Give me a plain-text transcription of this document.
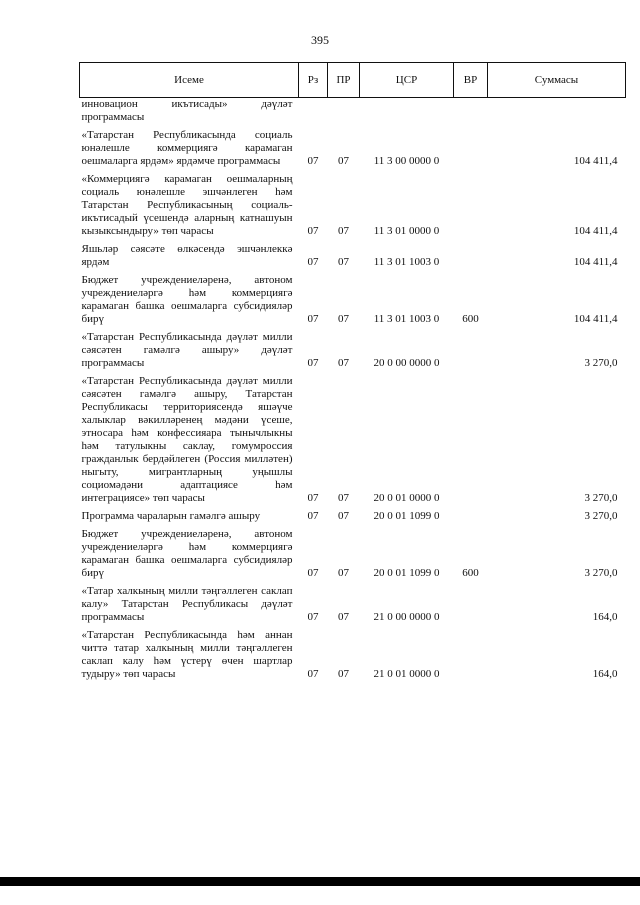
395
Исеме	Рз	ПР	ЦСР	ВР	Суммасы
инновацион икътисады» дәүләт программасы					
«Татарстан Республикасында социаль юнәлешле коммерциягә карамаган оешмаларга ярдәм» ярдәмче программасы	07	07	11 3 00 0000 0		104 411,4
«Коммерциягә карамаган оешмаларның социаль юнәлешле эшчәнлеген һәм Татарстан Республикасының социаль-икътисадый үсешендә аларның катнашуын кызыксындыру» төп чарасы	07	07	11 3 01 0000 0		104 411,4
Яшьләр сәясәте өлкәсендә эшчәнлеккә ярдәм	07	07	11 3 01 1003 0		104 411,4
Бюджет учреждениеләренә, автоном учреждениеләргә һәм коммерциягә карамаган башка оешмаларга субсидияләр бирү	07	07	11 3 01 1003 0	600	104 411,4
«Татарстан Республикасында дәүләт милли сәясәтен гамәлгә ашыру» дәүләт программасы	07	07	20 0 00 0000 0		3 270,0
«Татарстан Республикасында дәүләт милли сәясәтен гамәлгә ашыру, Татарстан Республикасы территориясендә яшәүче халыклар вәкилләренең мәдәни үсеше, этносара һәм конфессияара тынычлыкны һәм татулыкны саклау, гомумроссия гражданлык бердәйлеген (Россия милләтен) ныгыту, мигрантларның уңышлы социомәдәни адаптациясе һәм интеграциясе» төп чарасы	07	07	20 0 01 0000 0		3 270,0
Программа чараларын гамәлгә ашыру	07	07	20 0 01 1099 0		3 270,0
Бюджет учреждениеләренә, автоном учреждениеләргә һәм коммерциягә карамаган башка оешмаларга субсидияләр бирү	07	07	20 0 01 1099 0	600	3 270,0
«Татар халкының милли тәңгәллеген саклап калу» Татарстан Республикасы дәүләт программасы	07	07	21 0 00 0000 0		164,0
«Татарстан Республикасында һәм аннан читтә татар халкының милли тәңгәллеген саклап калу һәм үстерү өчен шартлар тудыру» төп чарасы	07	07	21 0 01 0000 0		164,0
